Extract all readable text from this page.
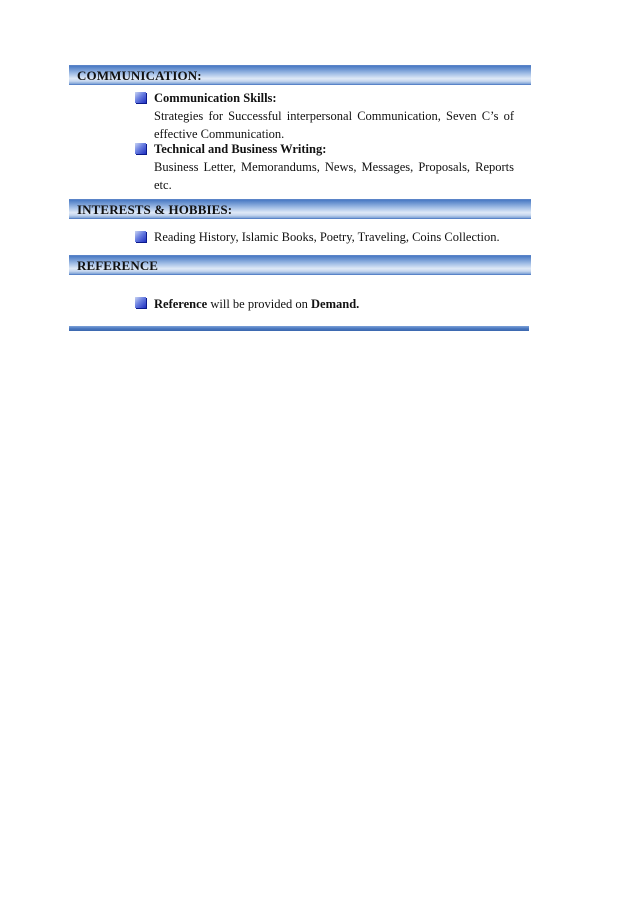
COMMUNICATION:
Communication Skills:
Strategies for Successful interpersonal Communication, Seven C’s of
effective Communication.
Technical and Business Writing:
Business Letter, Memorandums, News, Messages, Proposals, Reports
etc.
INTERESTS & HOBBIES:
Reading History, Islamic Books, Poetry, Traveling, Coins Collection.
REFERENCE
Reference will be provided on Demand.
